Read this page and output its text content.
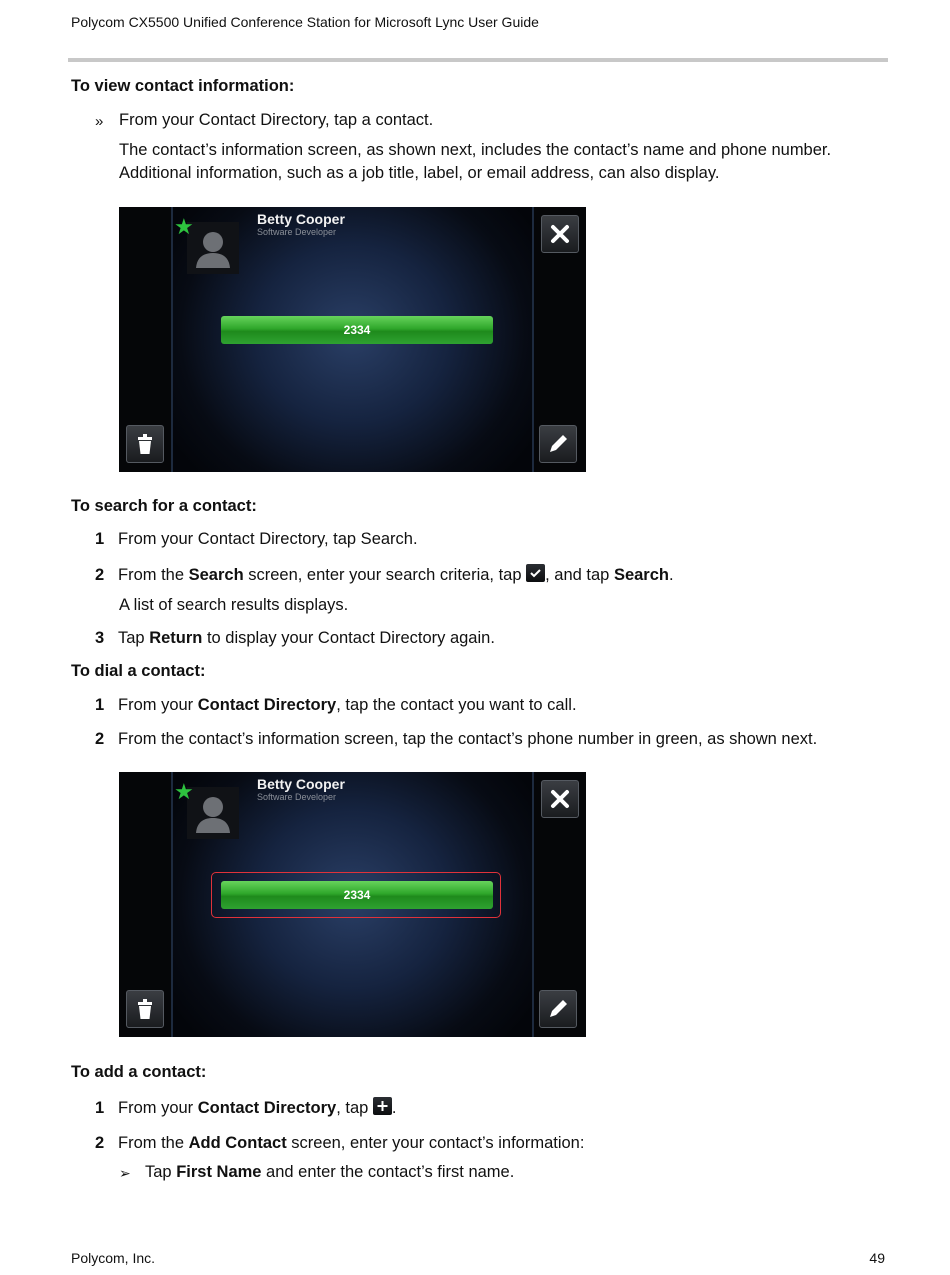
Polycom CX5500 Unified Conference Station for Microsoft Lync User Guide
To view contact information:
» From your Contact Directory, tap a contact.
The contact’s information screen, as shown next, includes the contact’s name and phone number.
Additional information, such as a job title, label, or email address, can also display.
★	Betty Cooper
Software Developer
2334
To search for a contact:
1 From your Contact Directory, tap Search.
2 From the Search screen, enter your search criteria, tap , and tap Search.
A list of search results displays.
3 Tap Return to display your Contact Directory again.
To dial a contact:
1 From your Contact Directory, tap the contact you want to call.
2 From the contact’s information screen, tap the contact’s phone number in green, as shown next.
★	Betty Cooper
Software Developer
2334
To add a contact:
1 From your Contact Directory, tap .
2 From the Add Contact screen, enter your contact’s information:
➢ Tap First Name and enter the contact’s first name.
Polycom, Inc.	49
